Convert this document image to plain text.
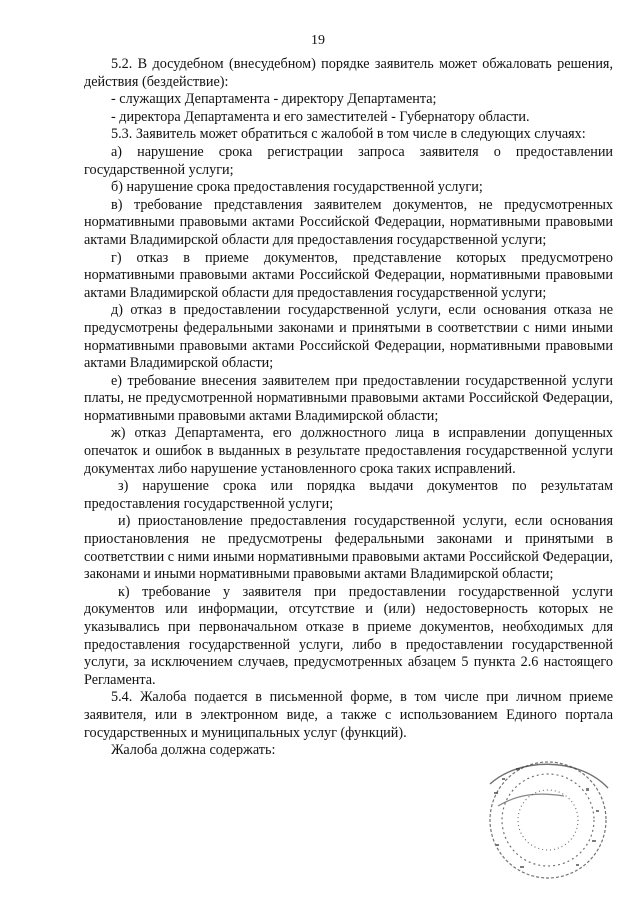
19

5.2. В досудебном (внесудебном) порядке заявитель может обжаловать решения, действия (бездействие):

- служащих Департамента - директору Департамента;

- директора Департамента и его заместителей - Губернатору области.

5.3. Заявитель может обратиться с жалобой в том числе в следующих случаях:

а) нарушение срока регистрации запроса заявителя о предоставлении государственной услуги;

б) нарушение срока предоставления государственной услуги;

в) требование представления заявителем документов, не предусмотренных нормативными правовыми актами Российской Федерации, нормативными правовыми актами Владимирской области для предоставления государственной услуги;

г) отказ в приеме документов, представление которых предусмотрено нормативными правовыми актами Российской Федерации, нормативными правовыми актами Владимирской области для предоставления государственной услуги;

д) отказ в предоставлении государственной услуги, если основания отказа не предусмотрены федеральными законами и принятыми в соответствии с ними иными нормативными правовыми актами Российской Федерации, нормативными правовыми актами Владимирской области;

е) требование внесения заявителем при предоставлении государственной услуги платы, не предусмотренной нормативными правовыми актами Российской Федерации, нормативными правовыми актами Владимирской области;

ж) отказ Департамента, его должностного лица в исправлении допущенных опечаток и ошибок в выданных в результате предоставления государственной услуги документах либо нарушение установленного срока таких исправлений.

з) нарушение срока или порядка выдачи документов по результатам предоставления государственной услуги;

и) приостановление предоставления государственной услуги, если основания приостановления не предусмотрены федеральными законами и принятыми в соответствии с ними иными нормативными правовыми актами Российской Федерации, законами и иными нормативными правовыми актами Владимирской области;

к) требование у заявителя при предоставлении государственной услуги документов или информации, отсутствие и (или) недостоверность которых не указывались при первоначальном отказе в приеме документов, необходимых для предоставления государственной услуги, либо в предоставлении государственной услуги, за исключением случаев, предусмотренных абзацем 5 пункта 2.6 настоящего Регламента.

5.4. Жалоба подается в письменной форме, в том числе при личном приеме заявителя, или в электронном виде, а также с использованием Единого портала государственных и муниципальных услуг (функций).

Жалоба должна содержать:
